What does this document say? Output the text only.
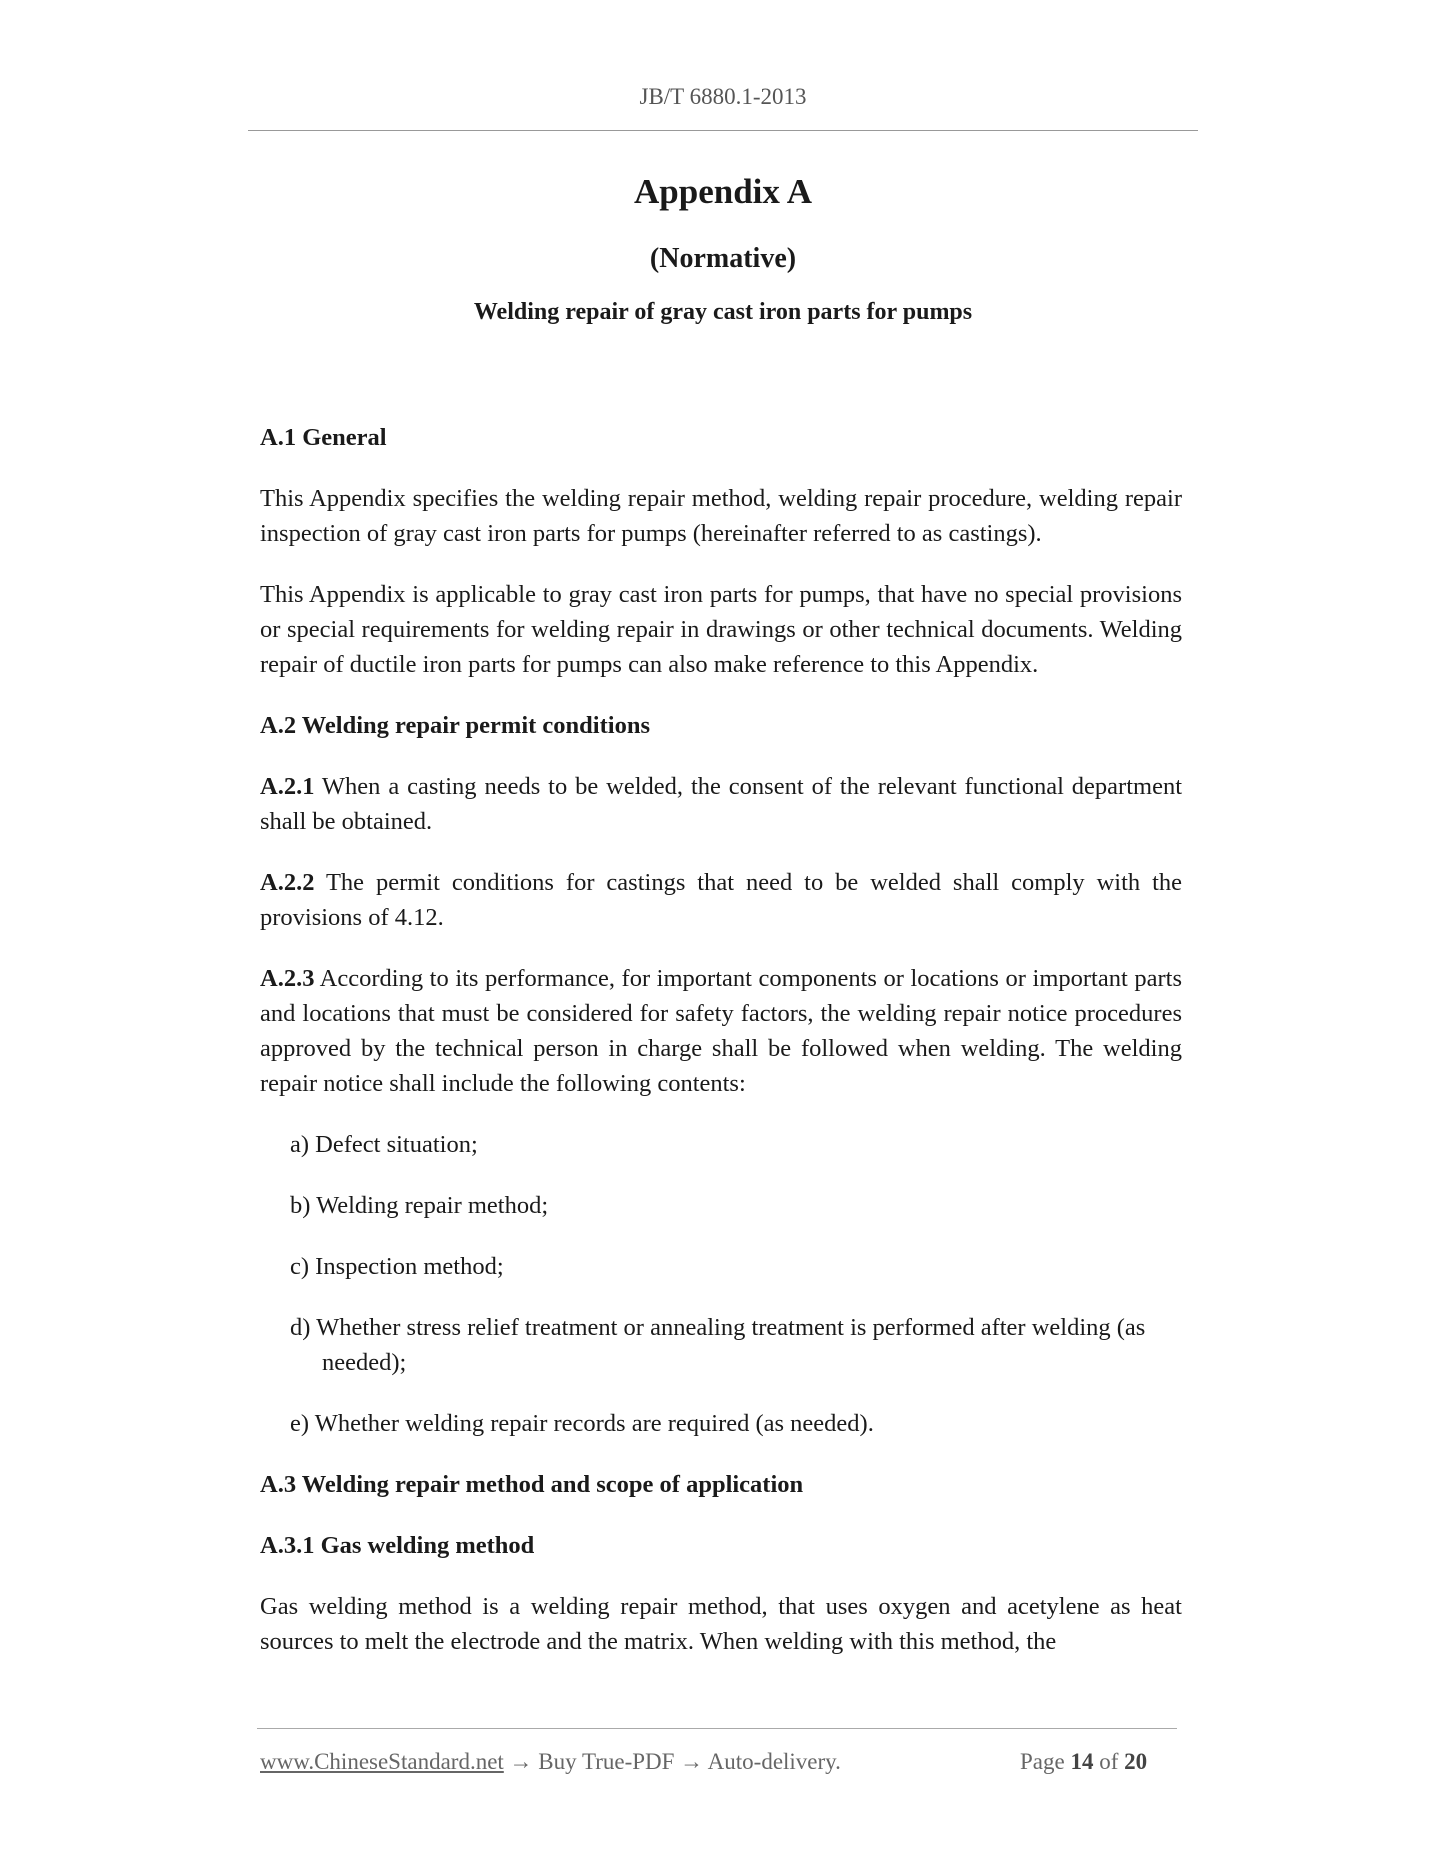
JB/T 6880.1-2013
Appendix A
(Normative)
Welding repair of gray cast iron parts for pumps
A.1 General

This Appendix specifies the welding repair method, welding repair procedure, welding repair inspection of gray cast iron parts for pumps (hereinafter referred to as castings).

This Appendix is applicable to gray cast iron parts for pumps, that have no special provisions or special requirements for welding repair in drawings or other technical documents. Welding repair of ductile iron parts for pumps can also make reference to this Appendix.

A.2 Welding repair permit conditions

A.2.1 When a casting needs to be welded, the consent of the relevant functional department shall be obtained.

A.2.2 The permit conditions for castings that need to be welded shall comply with the provisions of 4.12.

A.2.3 According to its performance, for important components or locations or important parts and locations that must be considered for safety factors, the welding repair notice procedures approved by the technical person in charge shall be followed when welding. The welding repair notice shall include the following contents:

a) Defect situation;
b) Welding repair method;
c) Inspection method;
d) Whether stress relief treatment or annealing treatment is performed after welding (as needed);
e) Whether welding repair records are required (as needed).
A.3 Welding repair method and scope of application
A.3.1 Gas welding method

Gas welding method is a welding repair method, that uses oxygen and acetylene as heat sources to melt the electrode and the matrix. When welding with this method, the

www.ChineseStandard.net → Buy True-PDF → Auto-delivery.	Page 14 of 20
